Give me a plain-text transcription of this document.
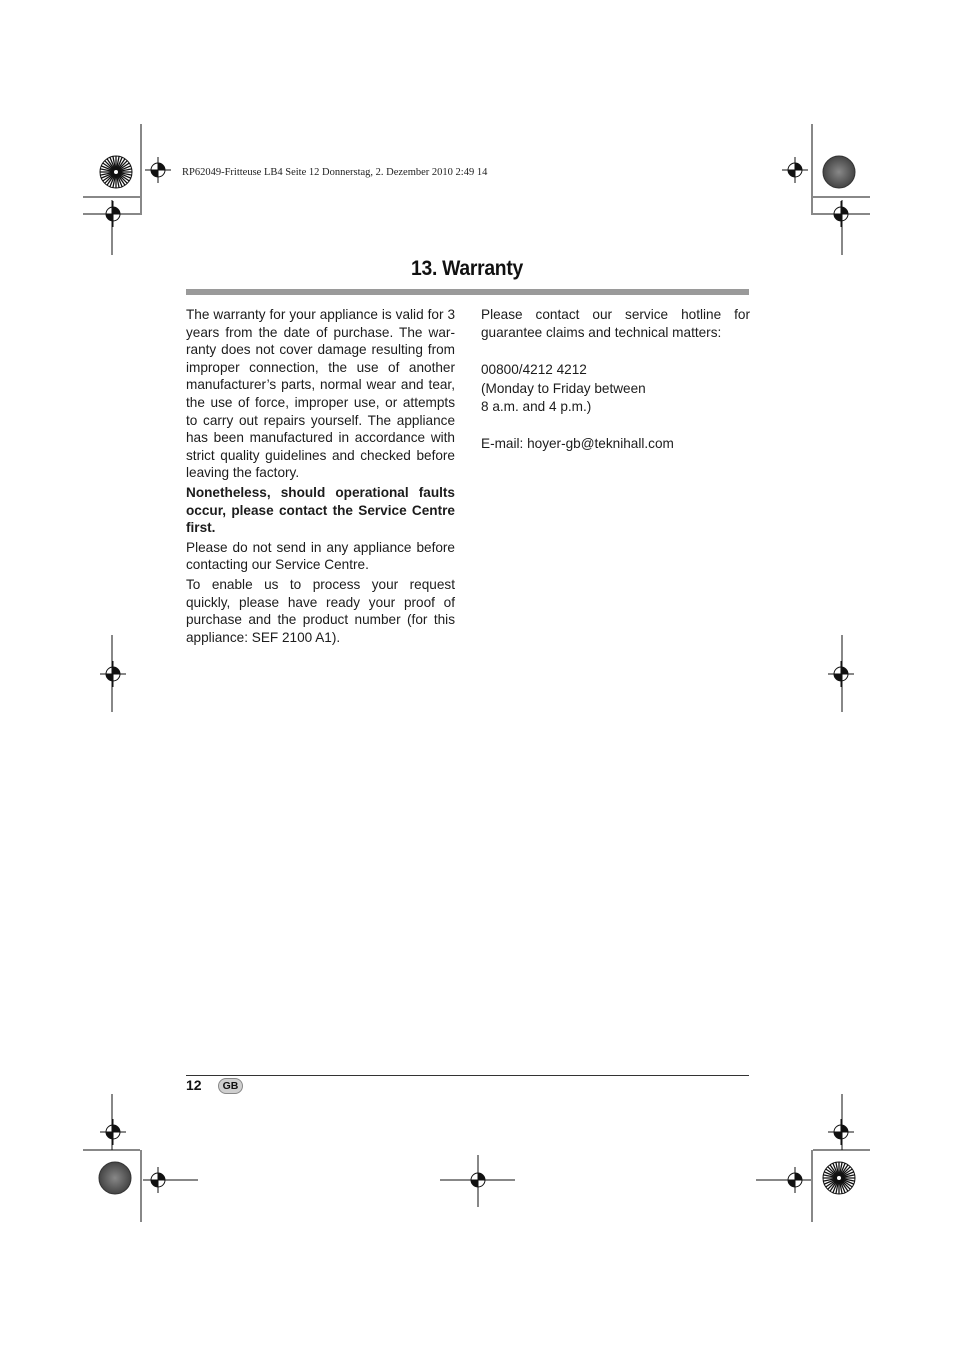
RP62049-Fritteuse LB4 Seite 12 Donnerstag, 2. Dezember 2010 2:49 14
13. Warranty

The warranty for your appliance is valid for 3 years from the date of purchase. The war-ranty does not cover damage resulting from improper connection, the use of another manufacturer’s parts, normal wear and tear, the use of force, improper use, or attempts to carry out repairs yourself. The appliance has been manufactured in accordance with strict quality guidelines and checked before leaving the factory.

Nonetheless, should operational faults occur, please contact the Service Centre first.

Please do not send in any appliance before contacting our Service Centre.

To enable us to process your request quickly, please have ready your proof of purchase and the product number (for this appliance: SEF 2100 A1).

Please contact our service hotline for guarantee claims and technical matters:

00800/4212 4212

(Monday to Friday between

8 a.m. and 4 p.m.)

E-mail: hoyer-gb@teknihall.com

12	GB
